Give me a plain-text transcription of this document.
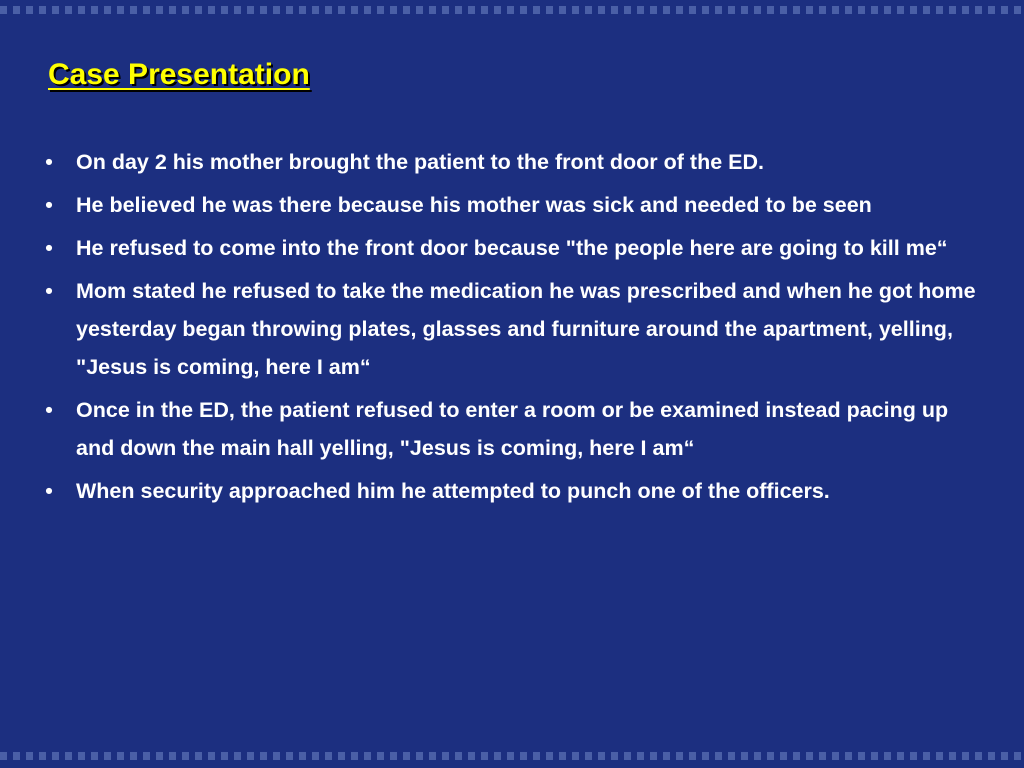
Case Presentation
• On day 2 his mother brought the patient to the front door of the ED.
• He believed he was there because his mother was sick and needed to be seen
• He refused to come into the front door because "the people here are going to kill me“
• Mom stated he refused to take the medication he was prescribed and when he got home yesterday began throwing plates, glasses and furniture around the apartment, yelling, "Jesus is coming, here I am“
• Once in the ED, the patient refused to enter a room or be examined instead pacing up and down the main hall yelling, "Jesus is coming, here I am“
• When security approached him he attempted to punch one of the officers.
